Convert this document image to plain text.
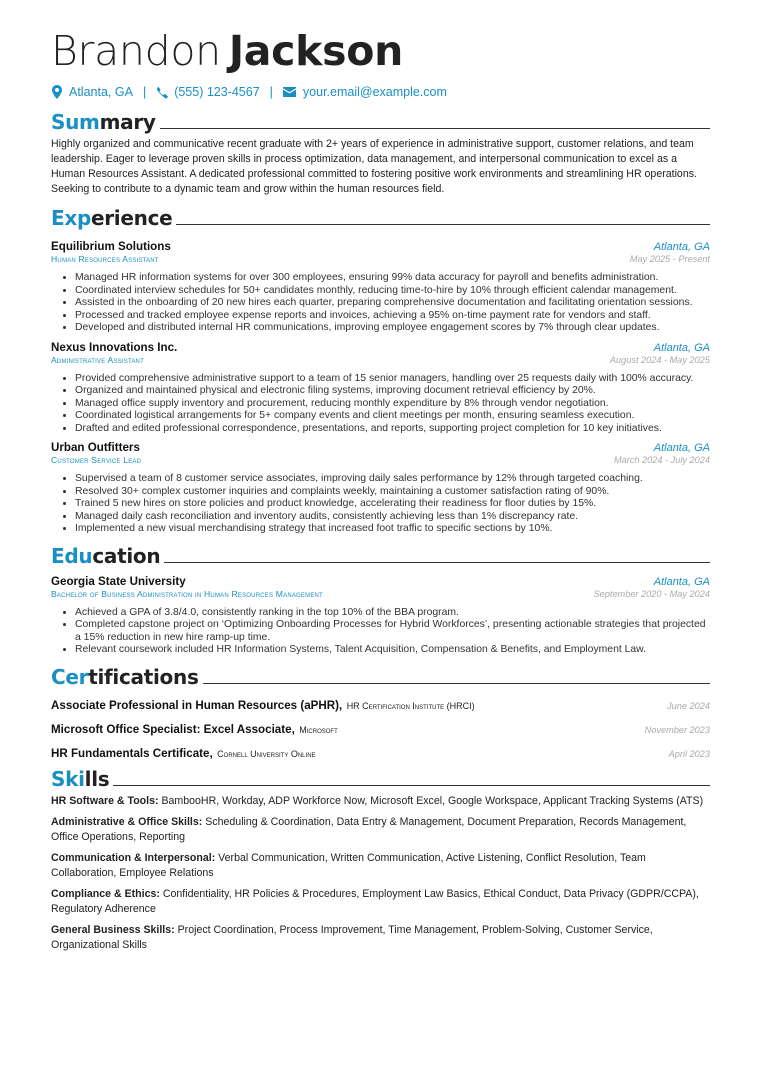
Brandon Jackson
Atlanta, GA | (555) 123-4567 | your.email@example.com
Summary

Highly organized and communicative recent graduate with 2+ years of experience in administrative support, customer relations, and team leadership. Eager to leverage proven skills in process optimization, data management, and interpersonal communication to excel as a Human Resources Assistant. A dedicated professional committed to fostering positive work environments and streamlining HR operations. Seeking to contribute to a dynamic team and grow within the human resources field.

Experience
Equilibrium Solutions	Atlanta, GA
Human Resources Assistant	May 2025 - Present
• Managed HR information systems for over 300 employees, ensuring 99% data accuracy for payroll and benefits administration.
• Coordinated interview schedules for 50+ candidates monthly, reducing time-to-hire by 10% through efficient calendar management.
• Assisted in the onboarding of 20 new hires each quarter, preparing comprehensive documentation and facilitating orientation sessions.
• Processed and tracked employee expense reports and invoices, achieving a 95% on-time payment rate for vendors and staff.
• Developed and distributed internal HR communications, improving employee engagement scores by 7% through clear updates.
Nexus Innovations Inc.	Atlanta, GA
Administrative Assistant	August 2024 - May 2025
• Provided comprehensive administrative support to a team of 15 senior managers, handling over 25 requests daily with 100% accuracy.
• Organized and maintained physical and electronic filing systems, improving document retrieval efficiency by 20%.
• Managed office supply inventory and procurement, reducing monthly expenditure by 8% through vendor negotiation.
• Coordinated logistical arrangements for 5+ company events and client meetings per month, ensuring seamless execution.
• Drafted and edited professional correspondence, presentations, and reports, supporting project completion for 10 key initiatives.
Urban Outfitters	Atlanta, GA
Customer Service Lead	March 2024 - July 2024
• Supervised a team of 8 customer service associates, improving daily sales performance by 12% through targeted coaching.
• Resolved 30+ complex customer inquiries and complaints weekly, maintaining a customer satisfaction rating of 90%.
• Trained 5 new hires on store policies and product knowledge, accelerating their readiness for floor duties by 15%.
• Managed daily cash reconciliation and inventory audits, consistently achieving less than 1% discrepancy rate.
• Implemented a new visual merchandising strategy that increased foot traffic to specific sections by 10%.
Education
Georgia State University	Atlanta, GA
Bachelor of Business Administration in Human Resources Management	September 2020 - May 2024
• Achieved a GPA of 3.8/4.0, consistently ranking in the top 10% of the BBA program.
• Completed capstone project on ‘Optimizing Onboarding Processes for Hybrid Workforces’, presenting actionable strategies that projected a 15% reduction in new hire ramp-up time.
• Relevant coursework included HR Information Systems, Talent Acquisition, Compensation & Benefits, and Employment Law.
Certifications
Associate Professional in Human Resources (aPHR), HR Certification Institute (HRCI)	June 2024
Microsoft Office Specialist: Excel Associate, Microsoft	November 2023
HR Fundamentals Certificate, Cornell University Online	April 2023
Skills
HR Software & Tools: BambooHR, Workday, ADP Workforce Now, Microsoft Excel, Google Workspace, Applicant Tracking Systems (ATS)
Administrative & Office Skills: Scheduling & Coordination, Data Entry & Management, Document Preparation, Records Management, Office Operations, Reporting
Communication & Interpersonal: Verbal Communication, Written Communication, Active Listening, Conflict Resolution, Team Collaboration, Employee Relations
Compliance & Ethics: Confidentiality, HR Policies & Procedures, Employment Law Basics, Ethical Conduct, Data Privacy (GDPR/CCPA), Regulatory Adherence
General Business Skills: Project Coordination, Process Improvement, Time Management, Problem-Solving, Customer Service, Organizational Skills
